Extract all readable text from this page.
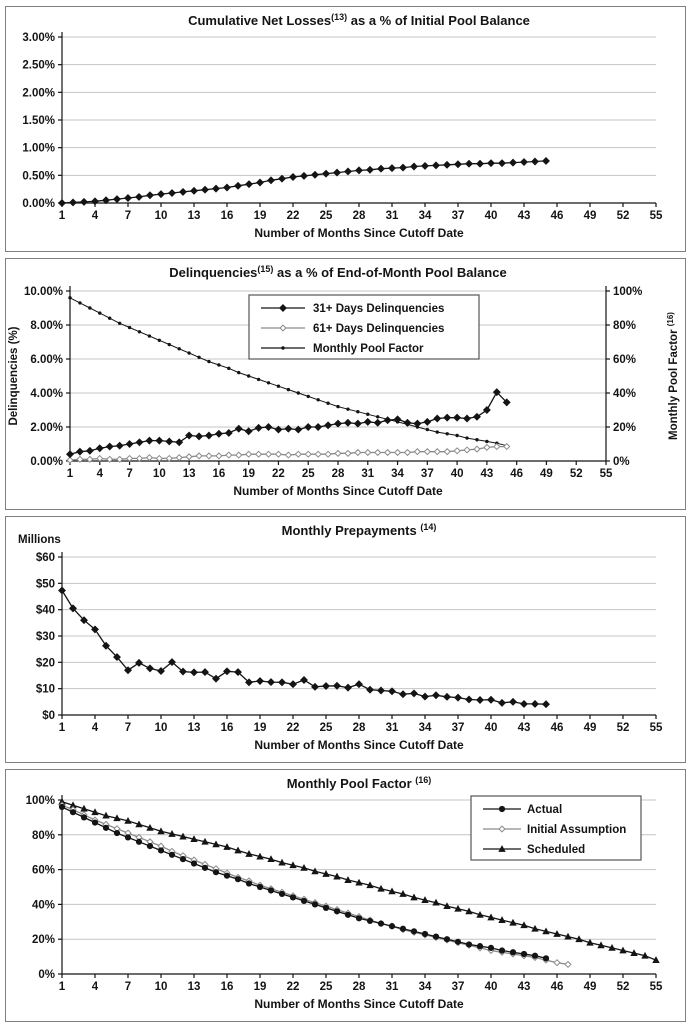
0.00%
0.50%
1.00%
1.50%
2.00%
2.50%
3.00%
1 4 7 10 13 16 19 22 25 28 31 34 37 40 43 46 49 52 55
Cumulative Net Losses$^{(13)}$ as a % of Initial Pool Balance
Number of Months Since Cutoff Date
0.00%
2.00%
4.00%
6.00%
8.00%
10.00%
0%
20%
40%
60%
80%
100%
1 4 7 10 13 16 19 22 25 28 31 34 37 40 43 46 49 52 55
31+ Days Delinquencies
61+ Days Delinquencies
Monthly Pool Factor
Delinquencies$^{(15)}$ as a % of End-of-Month Pool Balance
Number of Months Since Cutoff Date
Delinquencies (%)	Monthly Pool Factor $^{(16)}$
$0
$10
$20
$30
$40
$50
$60
1 4 7 10 13 16 19 22 25 28 31 34 37 40 43 46 49 52 55
Monthly Prepayments $^{(14)}$
Number of Months Since Cutoff Date
Millions
0%
20%
40%
60%
80%
100%
1 4 7 10 13 16 19 22 25 28 31 34 37 40 43 46 49 52 55
Actual
Initial Assumption
Scheduled
Monthly Pool Factor $^{(16)}$
Number of Months Since Cutoff Date
